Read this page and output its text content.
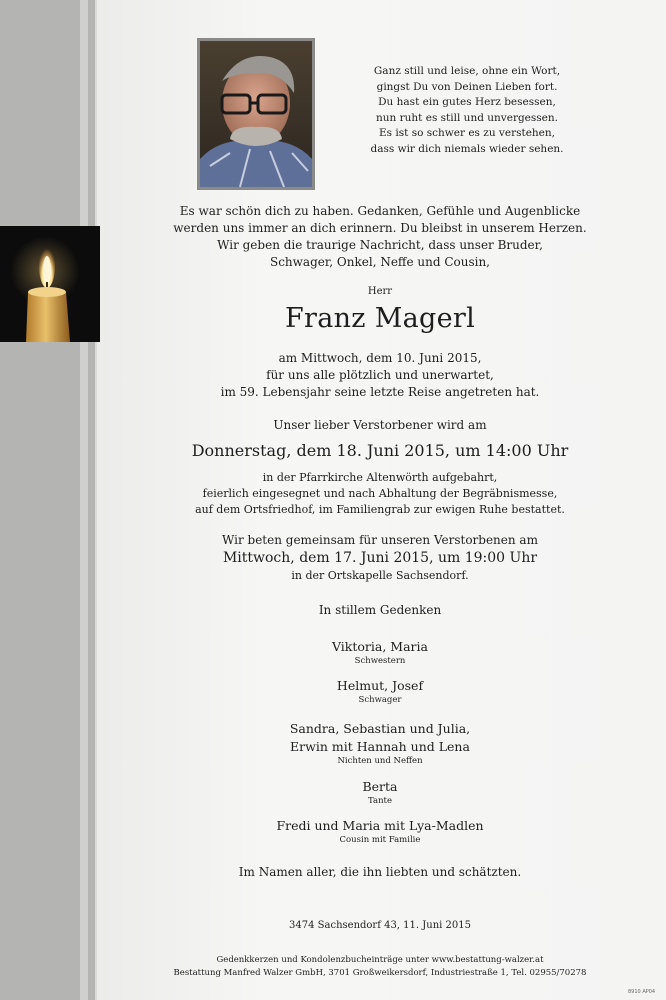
Ganz still und leise, ohne ein Wort,
gingst Du von Deinen Lieben fort.
Du hast ein gutes Herz besessen,
nun ruht es still und unvergessen.
Es ist so schwer es zu verstehen,
dass wir dich niemals wieder sehen.
Es war schön dich zu haben. Gedanken, Gefühle und Augenblicke
werden uns immer an dich erinnern. Du bleibst in unserem Herzen.
Wir geben die traurige Nachricht, dass unser Bruder,
Schwager, Onkel, Neffe und Cousin,
Herr
Franz Magerl
am Mittwoch, dem 10. Juni 2015,
für uns alle plötzlich und unerwartet,
im 59. Lebensjahr seine letzte Reise angetreten hat.
Unser lieber Verstorbener wird am
Donnerstag, dem 18. Juni 2015, um 14:00 Uhr
in der Pfarrkirche Altenwörth aufgebahrt,
feierlich eingesegnet und nach Abhaltung der Begräbnismesse,
auf dem Ortsfriedhof, im Familiengrab zur ewigen Ruhe bestattet.
Wir beten gemeinsam für unseren Verstorbenen am
Mittwoch, dem 17. Juni 2015, um 19:00 Uhr
in der Ortskapelle Sachsendorf.
In stillem Gedenken
Viktoria, Maria
Schwestern
Helmut, Josef
Schwager
Sandra, Sebastian und Julia,
Erwin mit Hannah und Lena
Nichten und Neffen
Berta
Tante
Fredi und Maria mit Lya-Madlen
Cousin mit Familie
Im Namen aller, die ihn liebten und schätzten.
3474 Sachsendorf 43, 11. Juni 2015
Gedenkkerzen und Kondolenzbucheinträge unter www.bestattung-walzer.at
Bestattung Manfred Walzer GmbH, 3701 Großweikersdorf, Industriestraße 1, Tel. 02955/70278
8910 AP04
